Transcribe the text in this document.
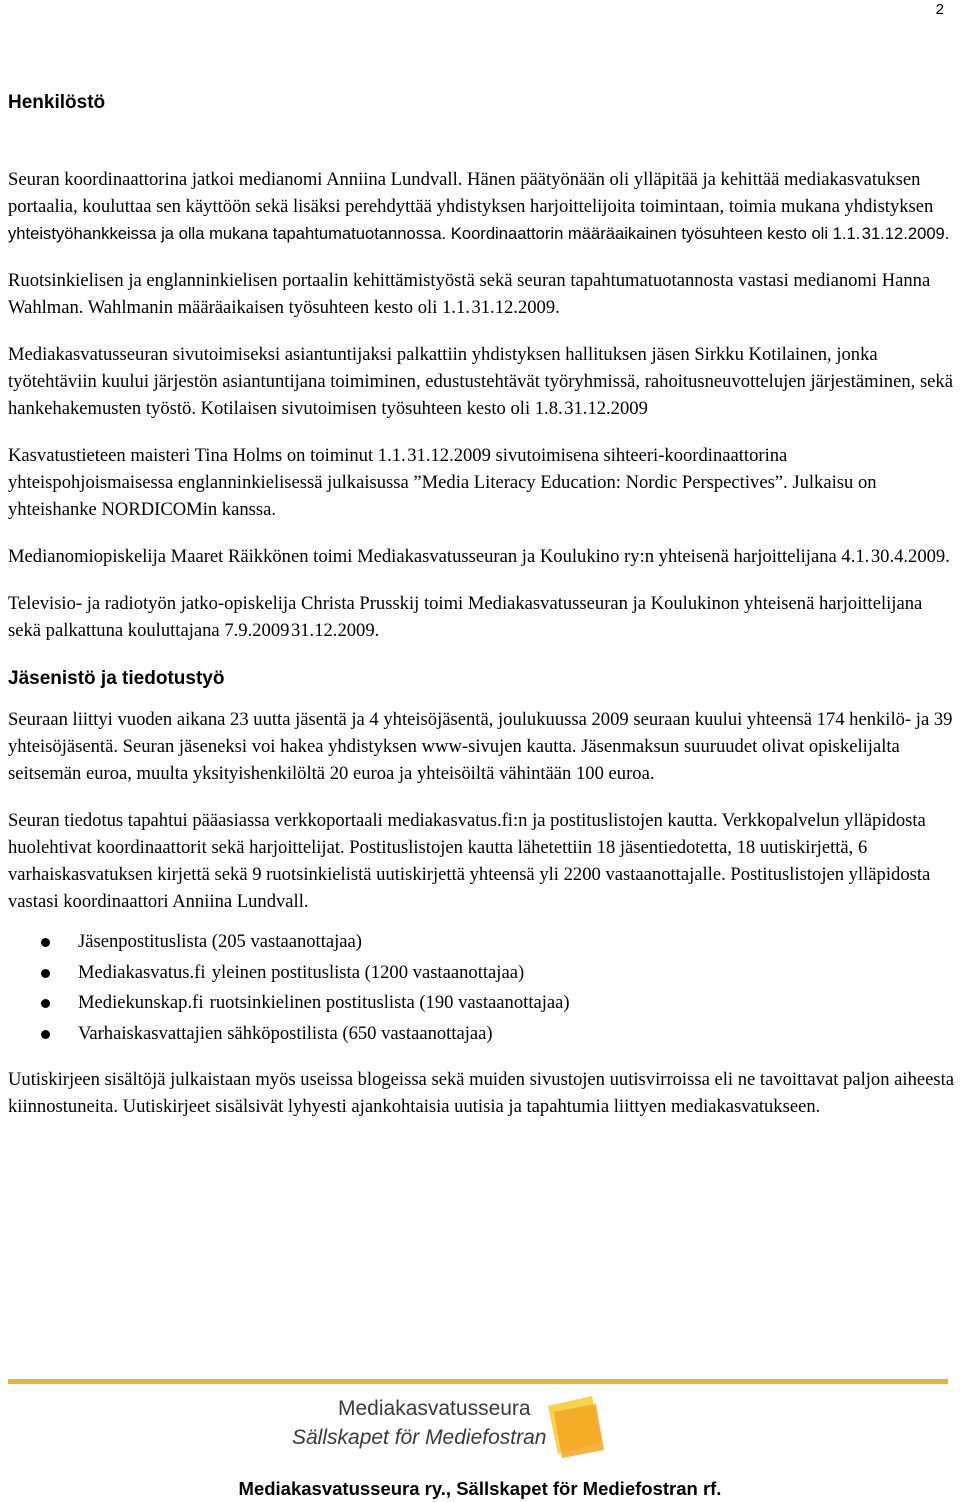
2
Henkilöstö

Seuran koordinaattorina jatkoi medianomi Anniina Lundvall. Hänen päätyönään oli ylläpitää ja kehittää mediakasvatuksen portaalia, kouluttaa sen käyttöön sekä lisäksi perehdyttää yhdistyksen harjoittelijoita toimintaan, toimia mukana yhdistyksen yhteistyöhankkeissa ja olla mukana tapahtumatuotannossa. Koordinaattorin määräaikainen työsuhteen kesto oli 1.1. 31.12.2009.

Ruotsinkielisen ja englanninkielisen portaalin kehittämistyöstä sekä seuran tapahtumatuotannosta vastasi medianomi Hanna Wahlman. Wahlmanin määräaikaisen työsuhteen kesto oli 1.1. 31.12.2009.

Mediakasvatusseuran sivutoimiseksi asiantuntijaksi palkattiin yhdistyksen hallituksen jäsen Sirkku Kotilainen, jonka työtehtäviin kuului järjestön asiantuntijana toimiminen, edustustehtävät työryhmissä, rahoitusneuvottelujen järjestäminen, sekä hankehakemusten työstö. Kotilaisen sivutoimisen työsuhteen kesto oli 1.8. 31.12.2009

Kasvatustieteen maisteri Tina Holms on toiminut 1.1. 31.12.2009 sivutoimisena sihteeri-koordinaattorina yhteispohjoismaisessa englanninkielisessä julkaisussa ”Media Literacy Education: Nordic Perspectives”. Julkaisu on yhteishanke NORDICOMin kanssa.

Medianomiopiskelija Maaret Räikkönen toimi Mediakasvatusseuran ja Koulukino ry:n yhteisenä harjoittelijana 4.1. 30.4.2009.

Televisio- ja radiotyön jatko-opiskelija Christa Prusskij toimi Mediakasvatusseuran ja Koulukinon yhteisenä harjoittelijana sekä palkattuna kouluttajana 7.9.2009 31.12.2009.

Jäsenistö ja tiedotustyö

Seuraan liittyi vuoden aikana 23 uutta jäsentä ja 4 yhteisöjäsentä, joulukuussa 2009 seuraan kuului yhteensä 174 henkilö- ja 39 yhteisöjäsentä. Seuran jäseneksi voi hakea yhdistyksen www-sivujen kautta. Jäsenmaksun suuruudet olivat opiskelijalta seitsemän euroa, muulta yksityishenkilöltä 20 euroa ja yhteisöiltä vähintään 100 euroa.

Seuran tiedotus tapahtui pääasiassa verkkoportaali mediakasvatus.fi:n ja postituslistojen kautta. Verkkopalvelun ylläpidosta huolehtivat koordinaattorit sekä harjoittelijat. Postituslistojen kautta lähetettiin 18 jäsentiedotetta, 18 uutiskirjettä, 6 varhaiskasvatuksen kirjettä sekä 9 ruotsinkielistä uutiskirjettä yhteensä yli 2200 vastaanottajalle. Postituslistojen ylläpidosta vastasi koordinaattori Anniina Lundvall.

Jäsenpostituslista (205 vastaanottajaa)
Mediakasvatus.fi  yleinen postituslista (1200 vastaanottajaa)
Mediekunskap.fi  ruotsinkielinen postituslista (190 vastaanottajaa)
Varhaiskasvattajien sähköpostilista (650 vastaanottajaa)

Uutiskirjeen sisältöjä julkaistaan myös useissa blogeissa sekä muiden sivustojen uutisvirroissa eli ne tavoittavat paljon aiheesta kiinnostuneita. Uutiskirjeet sisälsivät lyhyesti ajankohtaisia uutisia ja tapahtumia liittyen mediakasvatukseen.

Mediakasvatusseura
Sällskapet för Mediefostran
Mediakasvatusseura ry., Sällskapet för Mediefostran rf.
